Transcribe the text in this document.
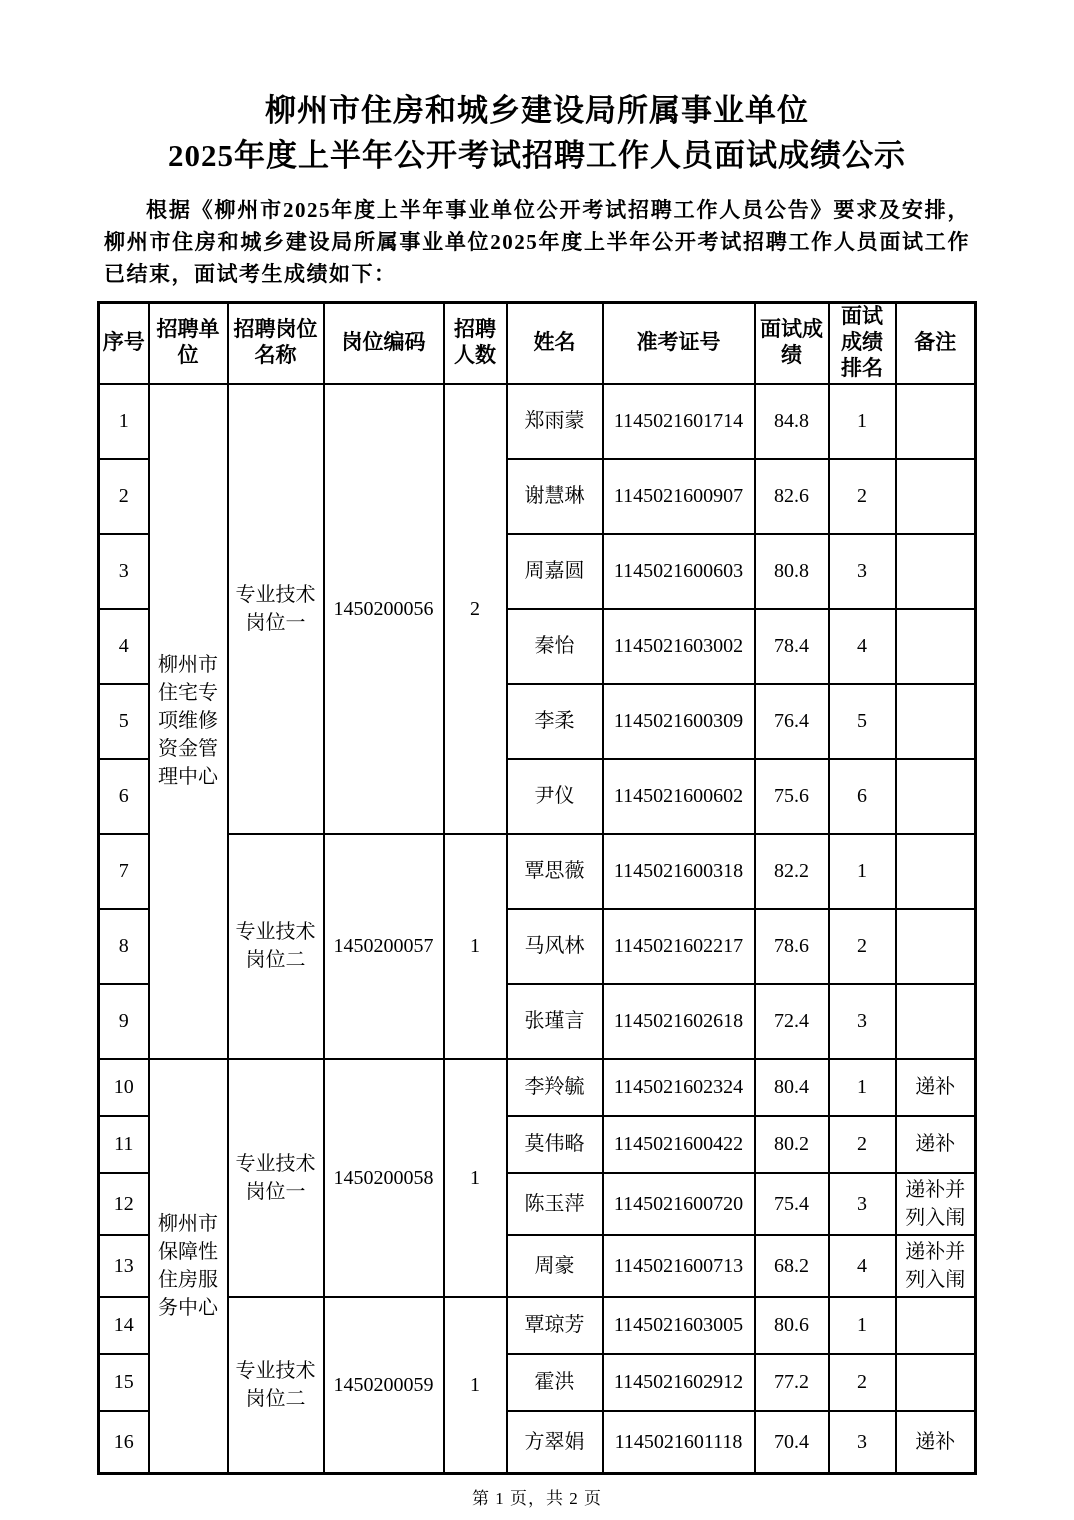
柳州市住房和城乡建设局所属事业单位
2025年度上半年公开考试招聘工作人员面试成绩公示

根据《柳州市2025年度上半年事业单位公开考试招聘工作人员公告》要求及安排，柳州市住房和城乡建设局所属事业单位2025年度上半年公开考试招聘工作人员面试工作已结束，面试考生成绩如下：

序号	招聘单位	招聘岗位名称	岗位编码	招聘人数	姓名	准考证号	面试成绩	面试成绩排名	备注
1	柳州市住宅专项维修资金管理中心	专业技术岗位一	1450200056	2	郑雨蒙	1145021601714	84.8	1	
2					谢慧琳	1145021600907	82.6	2	
3					周嘉圆	1145021600603	80.8	3	
4					秦怡	1145021603002	78.4	4	
5					李柔	1145021600309	76.4	5	
6					尹仪	1145021600602	75.6	6	
7		专业技术岗位二	1450200057	1	覃思薇	1145021600318	82.2	1	
8					马风林	1145021602217	78.6	2	
9					张瑾言	1145021602618	72.4	3	
10	柳州市保障性住房服务中心	专业技术岗位一	1450200058	1	李羚毓	1145021602324	80.4	1	递补
11					莫伟略	1145021600422	80.2	2	递补
12					陈玉萍	1145021600720	75.4	3	递补并列入闱
13					周豪	1145021600713	68.2	4	递补并列入闱
14		专业技术岗位二	1450200059	1	覃琼芳	1145021603005	80.6	1	
15					霍洪	1145021602912	77.2	2	
16					方翠娟	1145021601118	70.4	3	递补
第 1 页，共 2 页
